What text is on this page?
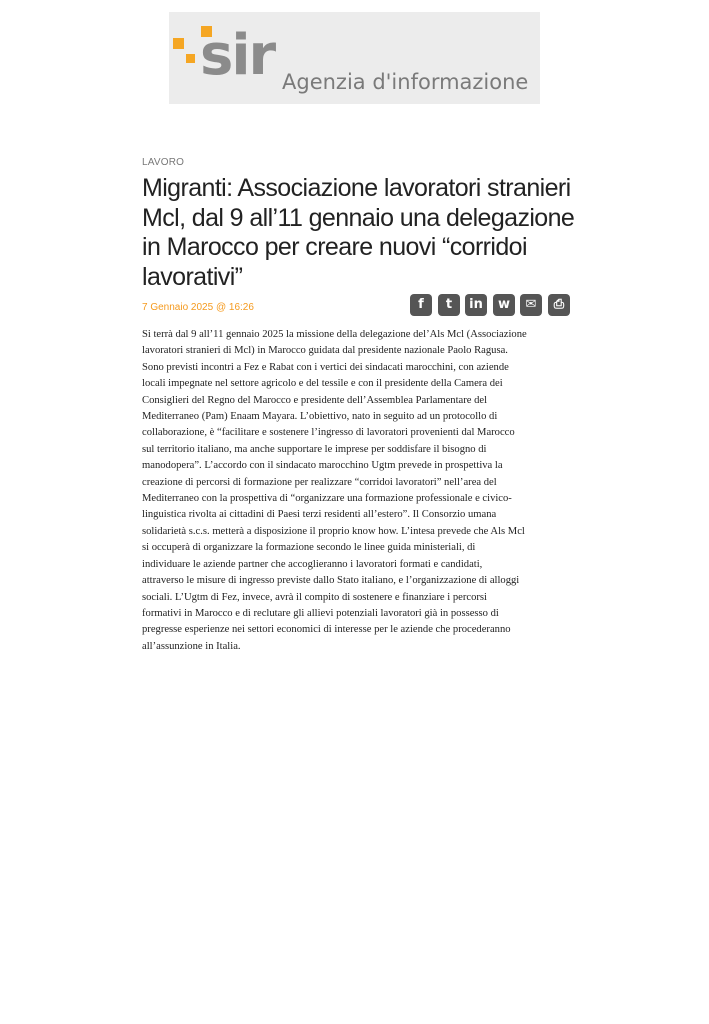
sir Agenzia d'informazione
LAVORO
Migranti: Associazione lavoratori stranieri Mcl, dal 9 all’11 gennaio una delegazione in Marocco per creare nuovi “corridoi lavorativi”
7 Gennaio 2025 @ 16:26	f	t	in	w	✉	⎙
Si terrà dal 9 all’11 gennaio 2025 la missione della delegazione del’Als Mcl (Associazione
lavoratori stranieri di Mcl) in Marocco guidata dal presidente nazionale Paolo Ragusa.
Sono previsti incontri a Fez e Rabat con i vertici dei sindacati marocchini, con aziende
locali impegnate nel settore agricolo e del tessile e con il presidente della Camera dei
Consiglieri del Regno del Marocco e presidente dell’Assemblea Parlamentare del
Mediterraneo (Pam) Enaam Mayara. L’obiettivo, nato in seguito ad un protocollo di
collaborazione, è “facilitare e sostenere l’ingresso di lavoratori provenienti dal Marocco
sul territorio italiano, ma anche supportare le imprese per soddisfare il bisogno di
manodopera”. L’accordo con il sindacato marocchino Ugtm prevede in prospettiva la
creazione di percorsi di formazione per realizzare “corridoi lavoratori” nell’area del
Mediterraneo con la prospettiva di “organizzare una formazione professionale e civico-
linguistica rivolta ai cittadini di Paesi terzi residenti all’estero”. Il Consorzio umana
solidarietà s.c.s. metterà a disposizione il proprio know how. L’intesa prevede che Als Mcl
si occuperà di organizzare la formazione secondo le linee guida ministeriali, di
individuare le aziende partner che accoglieranno i lavoratori formati e candidati,
attraverso le misure di ingresso previste dallo Stato italiano, e l’organizzazione di alloggi
sociali. L’Ugtm di Fez, invece, avrà il compito di sostenere e finanziare i percorsi
formativi in Marocco e di reclutare gli allievi potenziali lavoratori già in possesso di
pregresse esperienze nei settori economici di interesse per le aziende che procederanno
all’assunzione in Italia.
